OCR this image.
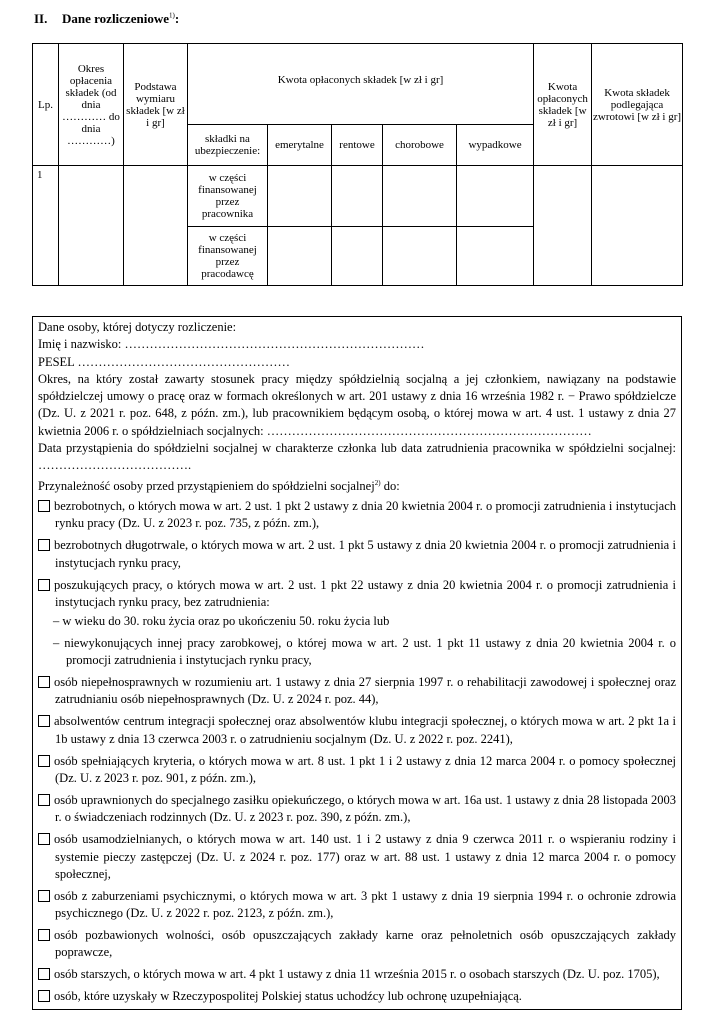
II. Dane rozliczeniowe$^{1)}$:
Lp.	Okres opłacenia składek (od dnia ………… do dnia …………)	Podstawa wymiaru składek [w zł i gr]	Kwota opłaconych składek [w zł i gr]					Kwota opłaconych składek [w zł i gr]	Kwota składek podlegająca zwrotowi [w zł i gr]
			składki na ubezpieczenie:	emerytalne	rentowe	chorobowe	wypadkowe		
1			w części finansowanej przez pracownika						
			w części finansowanej przez pracodawcę						

Dane osoby, której dotyczy rozliczenie:

Imię i nazwisko: ………………………………………………………………

PESEL ……………………………………………

Okres, na który został zawarty stosunek pracy między spółdzielnią socjalną a jej członkiem, nawiązany na podstawie spółdzielczej umowy o pracę oraz w formach określonych w art. 201 ustawy z dnia 16 września 1982 r. − Prawo spółdzielcze (Dz. U. z 2021 r. poz. 648, z późn. zm.), lub pracownikiem będącym osobą, o której mowa w art. 4 ust. 1 ustawy z dnia 27 kwietnia 2006 r. o spółdzielniach socjalnych: ……………………………………………………………………

Data przystąpienia do spółdzielni socjalnej w charakterze członka lub data zatrudnienia pracownika w spółdzielni socjalnej: ……………………………….

Przynależność osoby przed przystąpieniem do spółdzielni socjalnej$^{2)}$ do:

bezrobotnych, o których mowa w art. 2 ust. 1 pkt 2 ustawy z dnia 20 kwietnia 2004 r. o promocji zatrudnienia i instytucjach rynku pracy (Dz. U. z 2023 r. poz. 735, z późn. zm.),
bezrobotnych długotrwale, o których mowa w art. 2 ust. 1 pkt 5 ustawy z dnia 20 kwietnia 2004 r. o promocji zatrudnienia i instytucjach rynku pracy,
poszukujących pracy, o których mowa w art. 2 ust. 1 pkt 22 ustawy z dnia 20 kwietnia 2004 r. o promocji zatrudnienia i instytucjach rynku pracy, bez zatrudnienia:
– w wieku do 30. roku życia oraz po ukończeniu 50. roku życia lub
– niewykonujących innej pracy zarobkowej, o której mowa w art. 2 ust. 1 pkt 11 ustawy z dnia 20 kwietnia 2004 r. o promocji zatrudnienia i instytucjach rynku pracy,
osób niepełnosprawnych w rozumieniu art. 1 ustawy z dnia 27 sierpnia 1997 r. o rehabilitacji zawodowej i społecznej oraz zatrudnianiu osób niepełnosprawnych (Dz. U. z 2024 r. poz. 44),
absolwentów centrum integracji społecznej oraz absolwentów klubu integracji społecznej, o których mowa w art. 2 pkt 1a i 1b ustawy z dnia 13 czerwca 2003 r. o zatrudnieniu socjalnym (Dz. U. z 2022 r. poz. 2241),
osób spełniających kryteria, o których mowa w art. 8 ust. 1 pkt 1 i 2 ustawy z dnia 12 marca 2004 r. o pomocy społecznej (Dz. U. z 2023 r. poz. 901, z późn. zm.),
osób uprawnionych do specjalnego zasiłku opiekuńczego, o których mowa w art. 16a ust. 1 ustawy z dnia 28 listopada 2003 r. o świadczeniach rodzinnych (Dz. U. z 2023 r. poz. 390, z późn. zm.),
osób usamodzielnianych, o których mowa w art. 140 ust. 1 i 2 ustawy z dnia 9 czerwca 2011 r. o wspieraniu rodziny i systemie pieczy zastępczej (Dz. U. z 2024 r. poz. 177) oraz w art. 88 ust. 1 ustawy z dnia 12 marca 2004 r. o pomocy społecznej,
osób z zaburzeniami psychicznymi, o których mowa w art. 3 pkt 1 ustawy z dnia 19 sierpnia 1994 r. o ochronie zdrowia psychicznego (Dz. U. z 2022 r. poz. 2123, z późn. zm.),
osób pozbawionych wolności, osób opuszczających zakłady karne oraz pełnoletnich osób opuszczających zakłady poprawcze,
osób starszych, o których mowa w art. 4 pkt 1 ustawy z dnia 11 września 2015 r. o osobach starszych (Dz. U. poz. 1705),
osób, które uzyskały w Rzeczypospolitej Polskiej status uchodźcy lub ochronę uzupełniającą.
